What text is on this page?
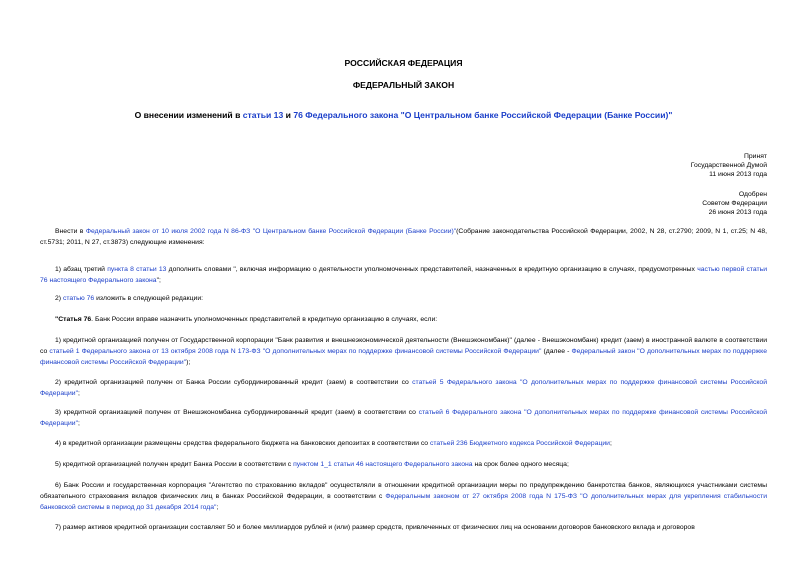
РОССИЙСКАЯ ФЕДЕРАЦИЯ
ФЕДЕРАЛЬНЫЙ ЗАКОН
О внесении изменений в статьи 13 и 76 Федерального закона "О Центральном банке Российской Федерации (Банке России)"
Принят
Государственной Думой
11 июня 2013 года
Одобрен
Советом Федерации
26 июня 2013 года
Внести в Федеральный закон от 10 июля 2002 года N 86-ФЗ "О Центральном банке Российской Федерации (Банке России)"(Собрание законодательства Российской Федерации, 2002, N 28, ст.2790; 2009, N 1, ст.25; N 48, ст.5731; 2011, N 27, ст.3873) следующие изменения:
1) абзац третий пункта 8 статьи 13 дополнить словами ", включая информацию о деятельности уполномоченных представителей, назначенных в кредитную организацию в случаях, предусмотренных частью первой статьи 76 настоящего Федерального закона";
2) статью 76 изложить в следующей редакции:
"Статья 76. Банк России вправе назначить уполномоченных представителей в кредитную организацию в случаях, если:
1) кредитной организацией получен от Государственной корпорации "Банк развития и внешнеэкономической деятельности (Внешэкономбанк)" (далее - Внешэкономбанк) кредит (заем) в иностранной валюте в соответствии со статьей 1 Федерального закона от 13 октября 2008 года N 173-ФЗ "О дополнительных мерах по поддержке финансовой системы Российской Федерации" (далее - Федеральный закон "О дополнительных мерах по поддержке финансовой системы Российской Федерации");
2) кредитной организацией получен от Банка России субординированный кредит (заем) в соответствии со статьей 5 Федерального закона "О дополнительных мерах по поддержке финансовой системы Российской Федерации";
3) кредитной организацией получен от Внешэкономбанка субординированный кредит (заем) в соответствии со статьей 6 Федерального закона "О дополнительных мерах по поддержке финансовой системы Российской Федерации";
4) в кредитной организации размещены средства федерального бюджета на банковских депозитах в соответствии со статьей 236 Бюджетного кодекса Российской Федерации;
5) кредитной организацией получен кредит Банка России в соответствии с пунктом 1_1 статьи 46 настоящего Федерального закона на срок более одного месяца;
6) Банк России и государственная корпорация "Агентство по страхованию вкладов" осуществляли в отношении кредитной организации меры по предупреждению банкротства банков, являющихся участниками системы обязательного страхования вкладов физических лиц в банках Российской Федерации, в соответствии с Федеральным законом от 27 октября 2008 года N 175-ФЗ "О дополнительных мерах для укрепления стабильности банковской системы в период до 31 декабря 2014 года";
7) размер активов кредитной организации составляет 50 и более миллиардов рублей и (или) размер средств, привлеченных от физических лиц на основании договоров банковского вклада и договоров
